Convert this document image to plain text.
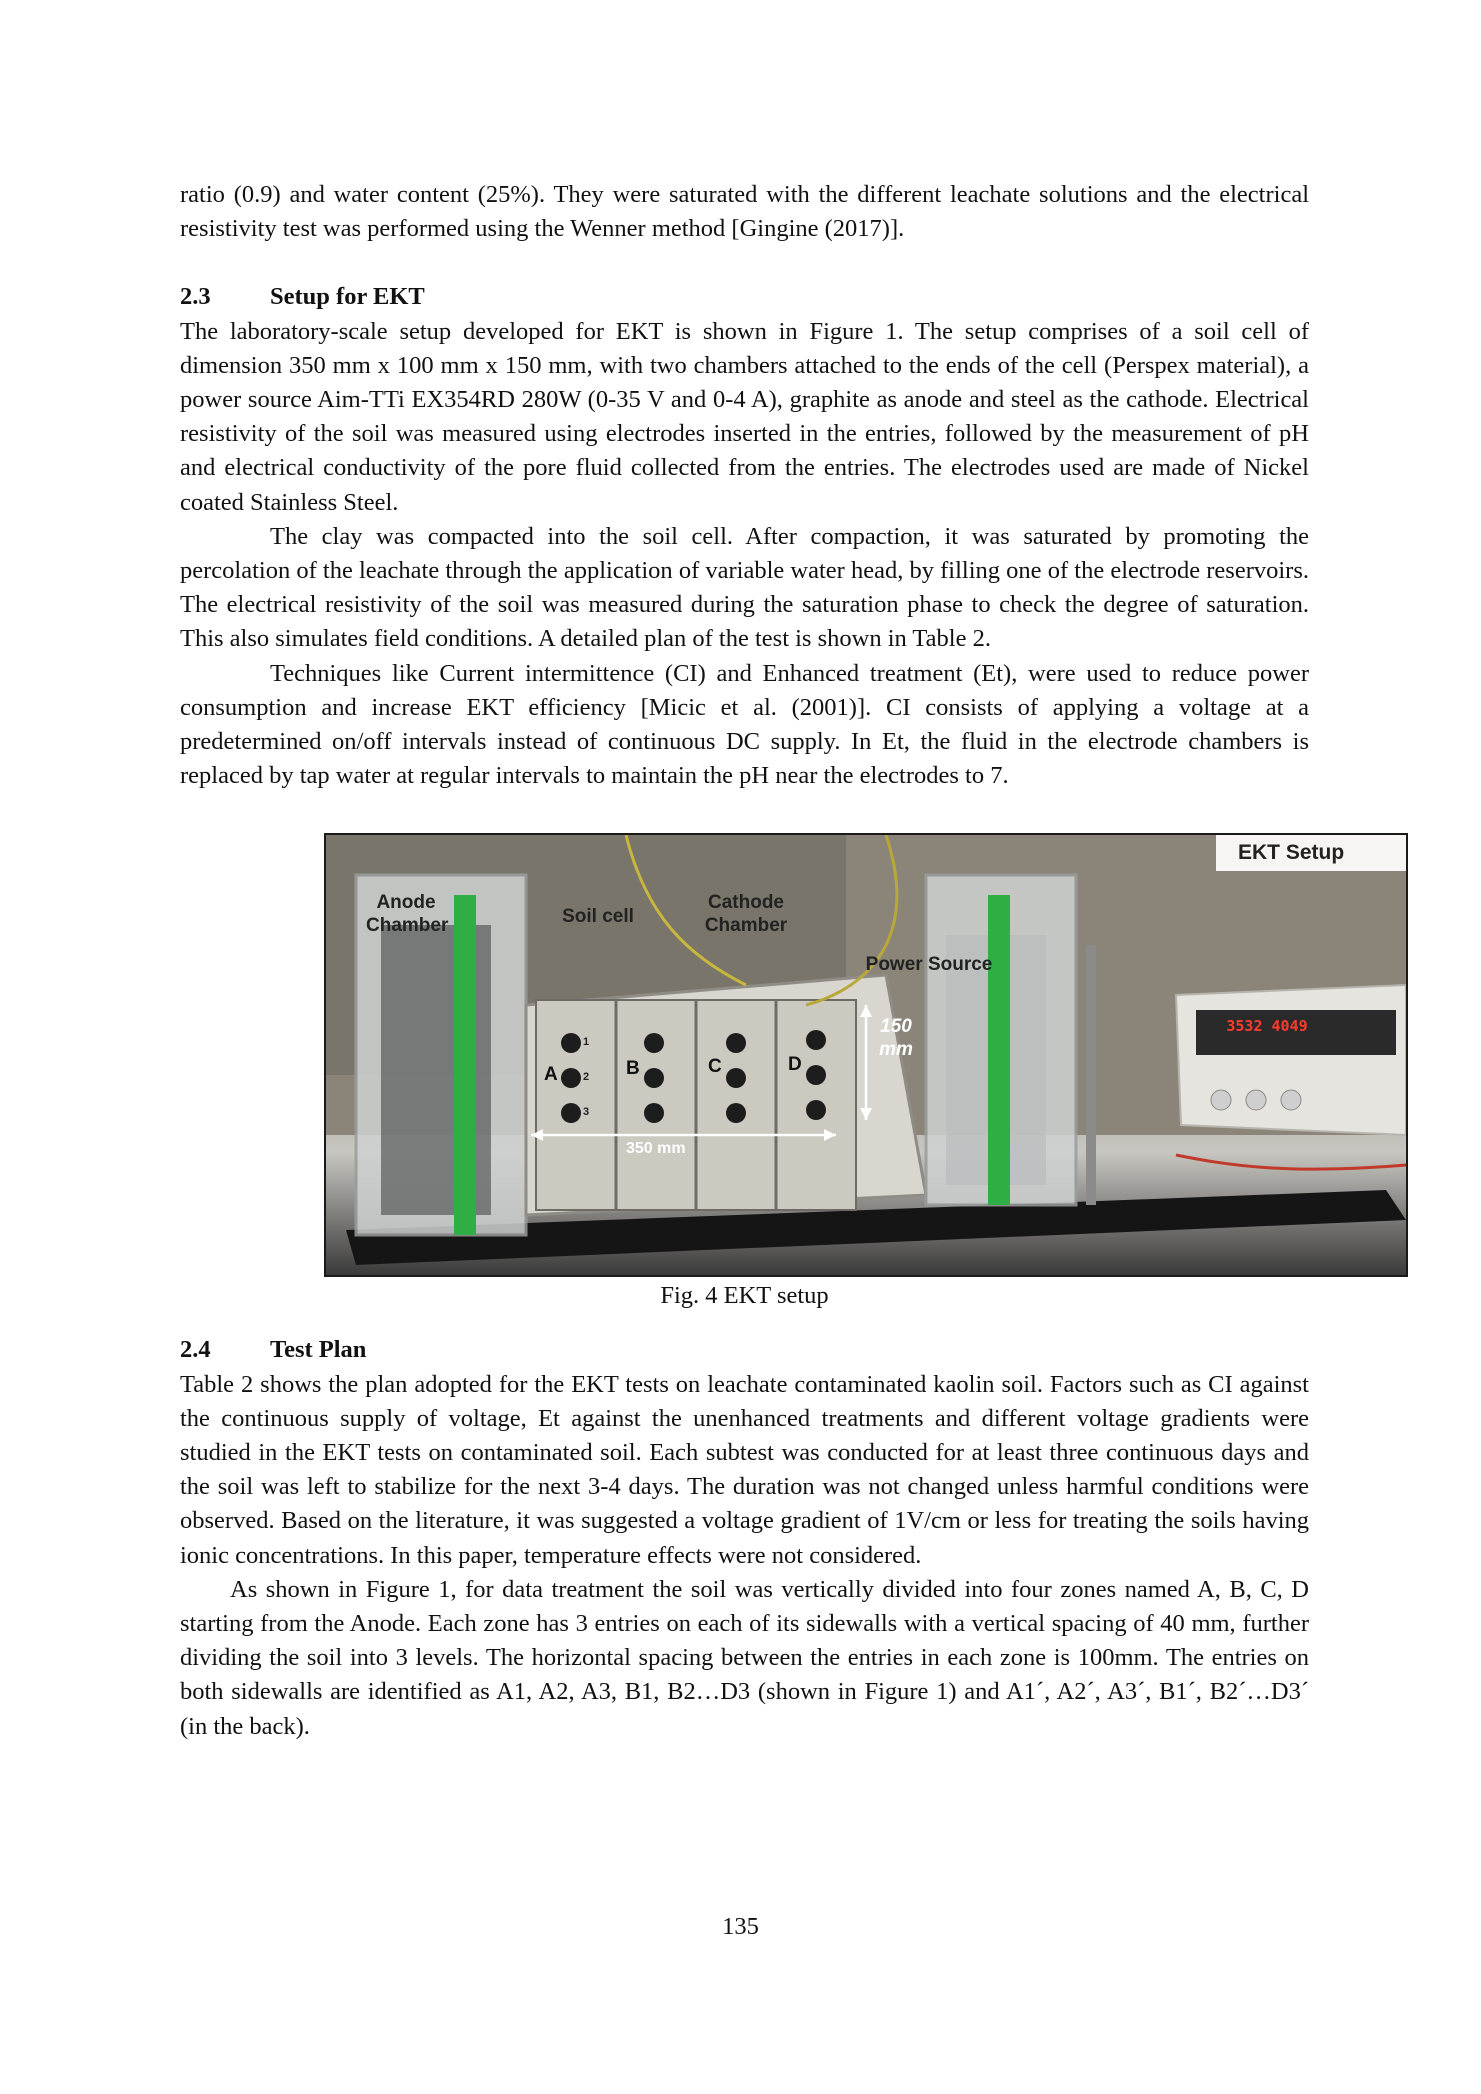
ratio (0.9) and water content (25%). They were saturated with the different leachate solutions and the electrical resistivity test was performed using the Wenner method [Gingine (2017)].

2.3 Setup for EKT

The laboratory-scale setup developed for EKT is shown in Figure 1. The setup comprises of a soil cell of dimension 350 mm x 100 mm x 150 mm, with two chambers attached to the ends of the cell (Perspex material), a power source Aim-TTi EX354RD 280W (0-35 V and 0-4 A), graphite as anode and steel as the cathode. Electrical resistivity of the soil was measured using electrodes inserted in the entries, followed by the measurement of pH and electrical conductivity of the pore fluid collected from the entries. The electrodes used are made of Nickel coated Stainless Steel.

The clay was compacted into the soil cell. After compaction, it was saturated by promoting the percolation of the leachate through the application of variable water head, by filling one of the electrode reservoirs. The electrical resistivity of the soil was measured during the saturation phase to check the degree of saturation. This also simulates field conditions. A detailed plan of the test is shown in Table 2.

Techniques like Current intermittence (CI) and Enhanced treatment (Et), were used to reduce power consumption and increase EKT efficiency [Micic et al. (2001)]. CI consists of applying a voltage at a predetermined on/off intervals instead of continuous DC supply. In Et, the fluid in the electrode chambers is replaced by tap water at regular intervals to maintain the pH near the electrodes to 7.

EKT Setup
Anode
Chamber	Soil cell
Cathode
Chamber
Power Source
A	B	C	D
150
mm
350 mm
3532 4049
1
2
3
Fig. 4 EKT setup
2.4 Test Plan

Table 2 shows the plan adopted for the EKT tests on leachate contaminated kaolin soil. Factors such as CI against the continuous supply of voltage, Et against the unenhanced treatments and different voltage gradients were studied in the EKT tests on contaminated soil. Each subtest was conducted for at least three continuous days and the soil was left to stabilize for the next 3-4 days. The duration was not changed unless harmful conditions were observed. Based on the literature, it was suggested a voltage gradient of 1V/cm or less for treating the soils having ionic concentrations. In this paper, temperature effects were not considered.

As shown in Figure 1, for data treatment the soil was vertically divided into four zones named A, B, C, D starting from the Anode. Each zone has 3 entries on each of its sidewalls with a vertical spacing of 40 mm, further dividing the soil into 3 levels. The horizontal spacing between the entries in each zone is 100mm. The entries on both sidewalls are identified as A1, A2, A3, B1, B2…D3 (shown in Figure 1) and A1´, A2´, A3´, B1´, B2´…D3´ (in the back).

135
